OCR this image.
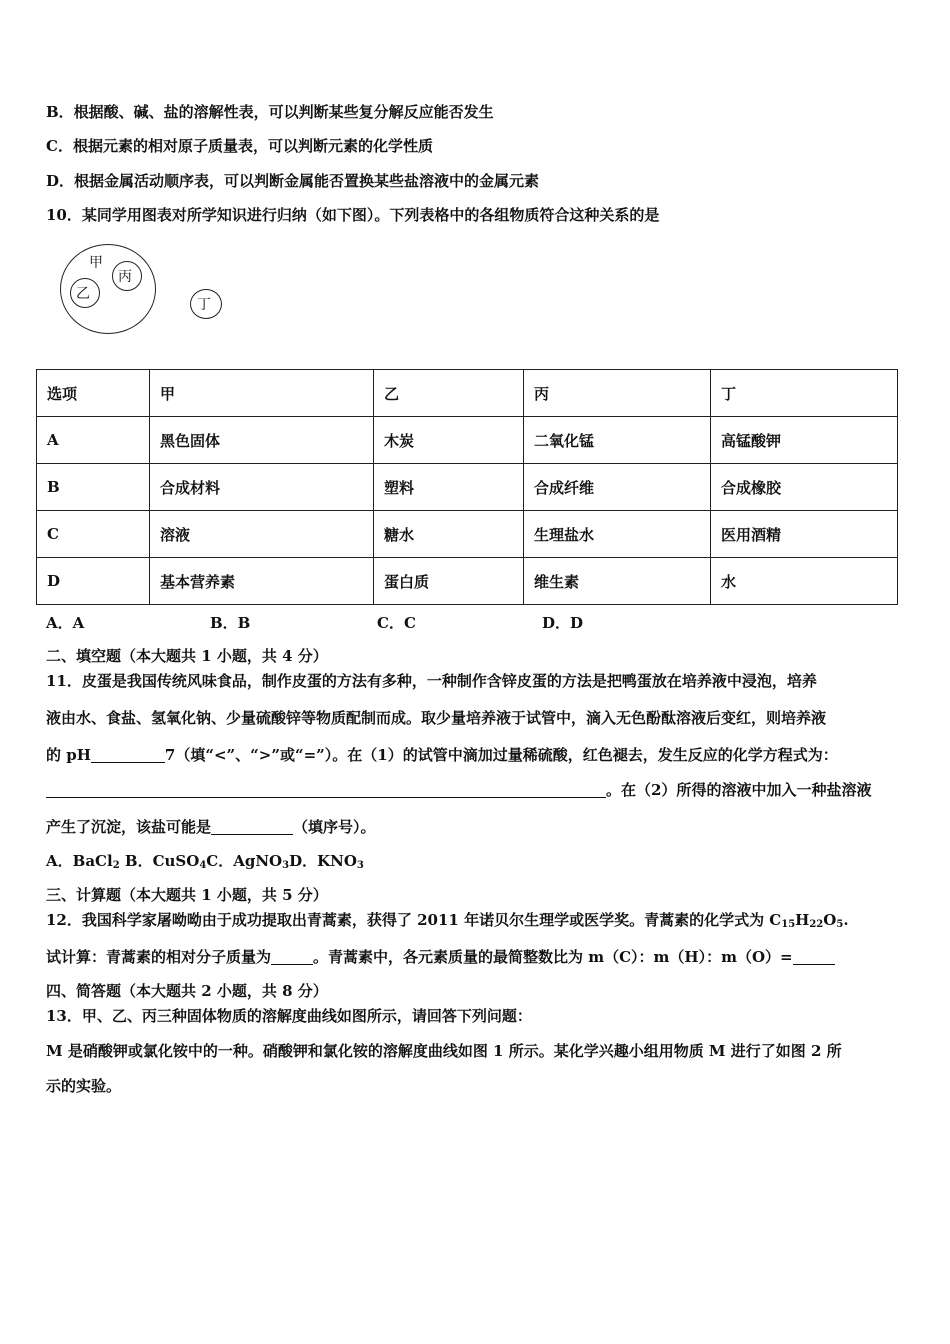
B．根据酸、碱、盐的溶解性表，可以判断某些复分解反应能否发生
C．根据元素的相对原子质量表，可以判断元素的化学性质
D．根据金属活动顺序表，可以判断金属能否置换某些盐溶液中的金属元素
10．某同学用图表对所学知识进行归纳（如下图）。下列表格中的各组物质符合这种关系的是
甲
丙
乙
丁
选项	甲	乙	丙	丁
A	黑色固体	木炭	二氧化锰	高锰酸钾
B	合成材料	塑料	合成纤维	合成橡胶
C	溶液	糖水	生理盐水	医用酒精
D	基本营养素	蛋白质	维生素	水
A．A	B．B	C．C	D．D
二、填空题（本大题共 1 小题，共 4 分）
11．皮蛋是我国传统风味食品，制作皮蛋的方法有多种，一种制作含锌皮蛋的方法是把鸭蛋放在培养液中浸泡，培养
液由水、食盐、氢氧化钠、少量硫酸锌等物质配制而成。取少量培养液于试管中，滴入无色酚酞溶液后变红，则培养液
的 pH	7（填“<”、“>”或“=”）。在（1）的试管中滴加过量稀硫酸，红色褪去，发生反应的化学方程式为：
。在（2）所得的溶液中加入一种盐溶液
产生了沉淀，该盐可能是	（填序号）。
A．BaCl$_2$ B．CuSO$_4$C．AgNO$_3$D．$KNO_3$
三、计算题（本大题共 1 小题，共 5 分）
12．我国科学家屠呦呦由于成功提取出青蒿素，获得了 2011 年诺贝尔生理学或医学奖。青蒿素的化学式为 $C_{15}H_{22}O_5$.
试计算：青蒿素的相对分子质量为	。青蒿素中，各元素质量的最简整数比为 m（C）：m（H）：m（O）=
四、简答题（本大题共 2 小题，共 8 分）
13．甲、乙、丙三种固体物质的溶解度曲线如图所示，请回答下列问题：
M 是硝酸钾或氯化铵中的一种。硝酸钾和氯化铵的溶解度曲线如图 1 所示。某化学兴趣小组用物质 M 进行了如图 2 所
示的实验。
